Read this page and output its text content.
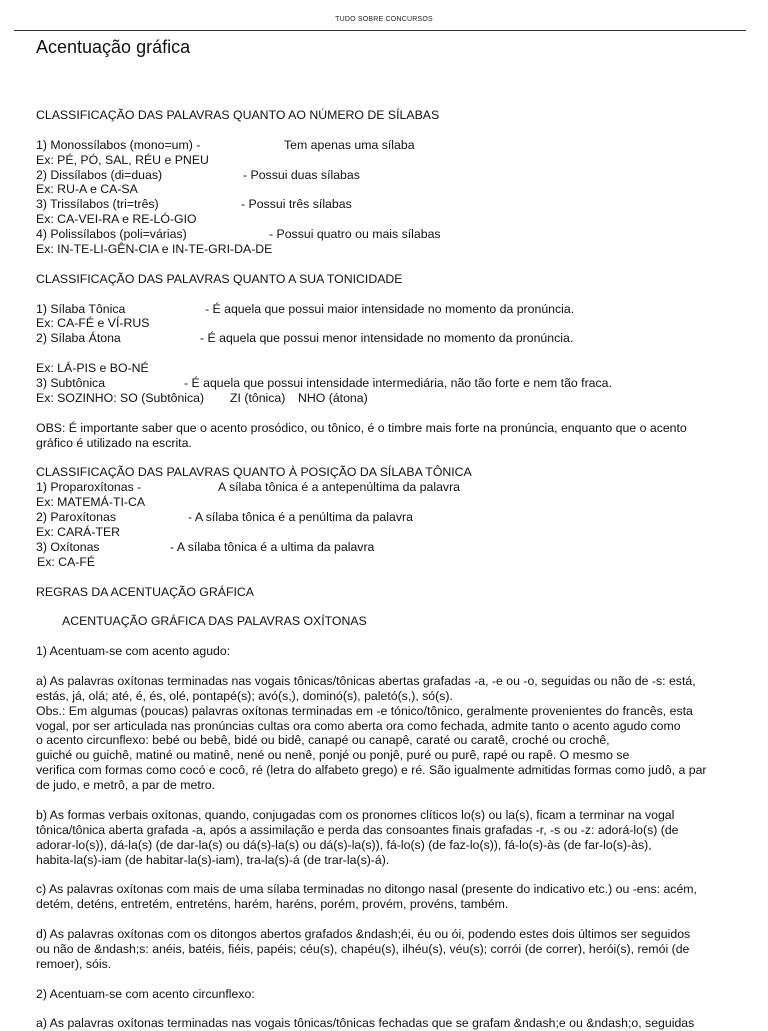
TUDO SOBRE CONCURSOS
Acentuação gráfica
CLASSIFICAÇÃO DAS PALAVRAS QUANTO AO NÚMERO DE SÍLABAS
1) Monossílabos (mono=um) -	Tem apenas uma sílaba
Ex: PÉ, PÓ, SAL, RÉU e PNEU
2) Dissílabos (di=duas)	- Possui duas sílabas
Ex: RU-A e CA-SA
3) Trissílabos (tri=três)	- Possui três sílabas
Ex: CA-VEI-RA e RE-LÓ-GIO
4) Polissílabos (poli=várias)	- Possui quatro ou mais sílabas
Ex: IN-TE-LI-GÊN-CIA e IN-TE-GRI-DA-DE
CLASSIFICAÇÃO DAS PALAVRAS QUANTO A SUA TONICIDADE
1) Sílaba Tônica	- É aquela que possui maior intensidade no momento da pronúncia.
Ex: CA-FÉ e VÍ-RUS
2) Sílaba Átona	- É aquela que possui menor intensidade no momento da pronúncia.
Ex: LÁ-PIS e BO-NÉ
3) Subtônica	- É aquela que possui intensidade intermediária, não tão forte e nem tão fraca.
Ex: SOZINHO: SO (Subtônica) ZI (tônica) NHO (átona)
OBS: É importante saber que o acento prosódico, ou tônico, é o timbre mais forte na pronúncia, enquanto que o acento
gráfico é utilizado na escrita.
CLASSIFICAÇÃO DAS PALAVRAS QUANTO À POSIÇÃO DA SÍLABA TÔNICA
1) Proparoxítonas -	A sílaba tônica é a antepenúltima da palavra
Ex: MATEMÁ-TI-CA
2) Paroxítonas	- A sílaba tônica é a penúltima da palavra
Ex: CARÁ-TER
3) Oxítonas	- A sílaba tônica é a ultima da palavra
Ex: CA-FÉ
REGRAS DA ACENTUAÇÃO GRÁFICA
ACENTUAÇÃO GRÁFICA DAS PALAVRAS OXÍTONAS
1) Acentuam-se com acento agudo:
a) As palavras oxítonas terminadas nas vogais tônicas/tônicas abertas grafadas -a, -e ou -o, seguidas ou não de -s: está,
estás, já, olá; até, é, és, olé, pontapé(s); avó(s,), dominó(s), paletó(s,), só(s).
Obs.: Em algumas (poucas) palavras oxítonas terminadas em -e tónico/tônico, geralmente provenientes do francês, esta
vogal, por ser articulada nas pronúncias cultas ora como aberta ora como fechada, admite tanto o acento agudo como
o acento circunflexo: bebé ou bebê, bidé ou bidê, canapé ou canapê, caraté ou caratê, croché ou crochê,
guiché ou guichê, matiné ou matinê, nené ou nenê, ponjé ou ponjê, puré ou purê, rapé ou rapê. O mesmo se
verifica com formas como cocó e cocô, ré (letra do alfabeto grego) e ré. São igualmente admitidas formas como judô, a par
de judo, e metrô, a par de metro.
b) As formas verbais oxítonas, quando, conjugadas com os pronomes clíticos lo(s) ou la(s), ficam a terminar na vogal
tônica/tônica aberta grafada -a, após a assimilação e perda das consoantes finais grafadas -r, -s ou -z: adorá-lo(s) (de
adorar-lo(s)), dá-la(s) (de dar-la(s) ou dá(s)-la(s) ou dá(s)-la(s)), fá-lo(s) (de faz-lo(s)), fá-lo(s)-às (de far-lo(s)-às),
habita-la(s)-iam (de habitar-la(s)-iam), tra-la(s)-á (de trar-la(s)-á).
c) As palavras oxítonas com mais de uma sílaba terminadas no ditongo nasal (presente do indicativo etc.) ou -ens: acém,
detém, deténs, entretém, entreténs, harém, haréns, porém, provém, provéns, também.
d) As palavras oxítonas com os ditongos abertos grafados &ndash;éi, éu ou ói, podendo estes dois últimos ser seguidos
ou não de &ndash;s: anéis, batéis, fiéis, papéis; céu(s), chapéu(s), ilhéu(s), véu(s); corrói (de correr), herói(s), remói (de
remoer), sóis.
2) Acentuam-se com acento circunflexo:
a) As palavras oxítonas terminadas nas vogais tônicas/tônicas fechadas que se grafam &ndash;e ou &ndash;o, seguidas
